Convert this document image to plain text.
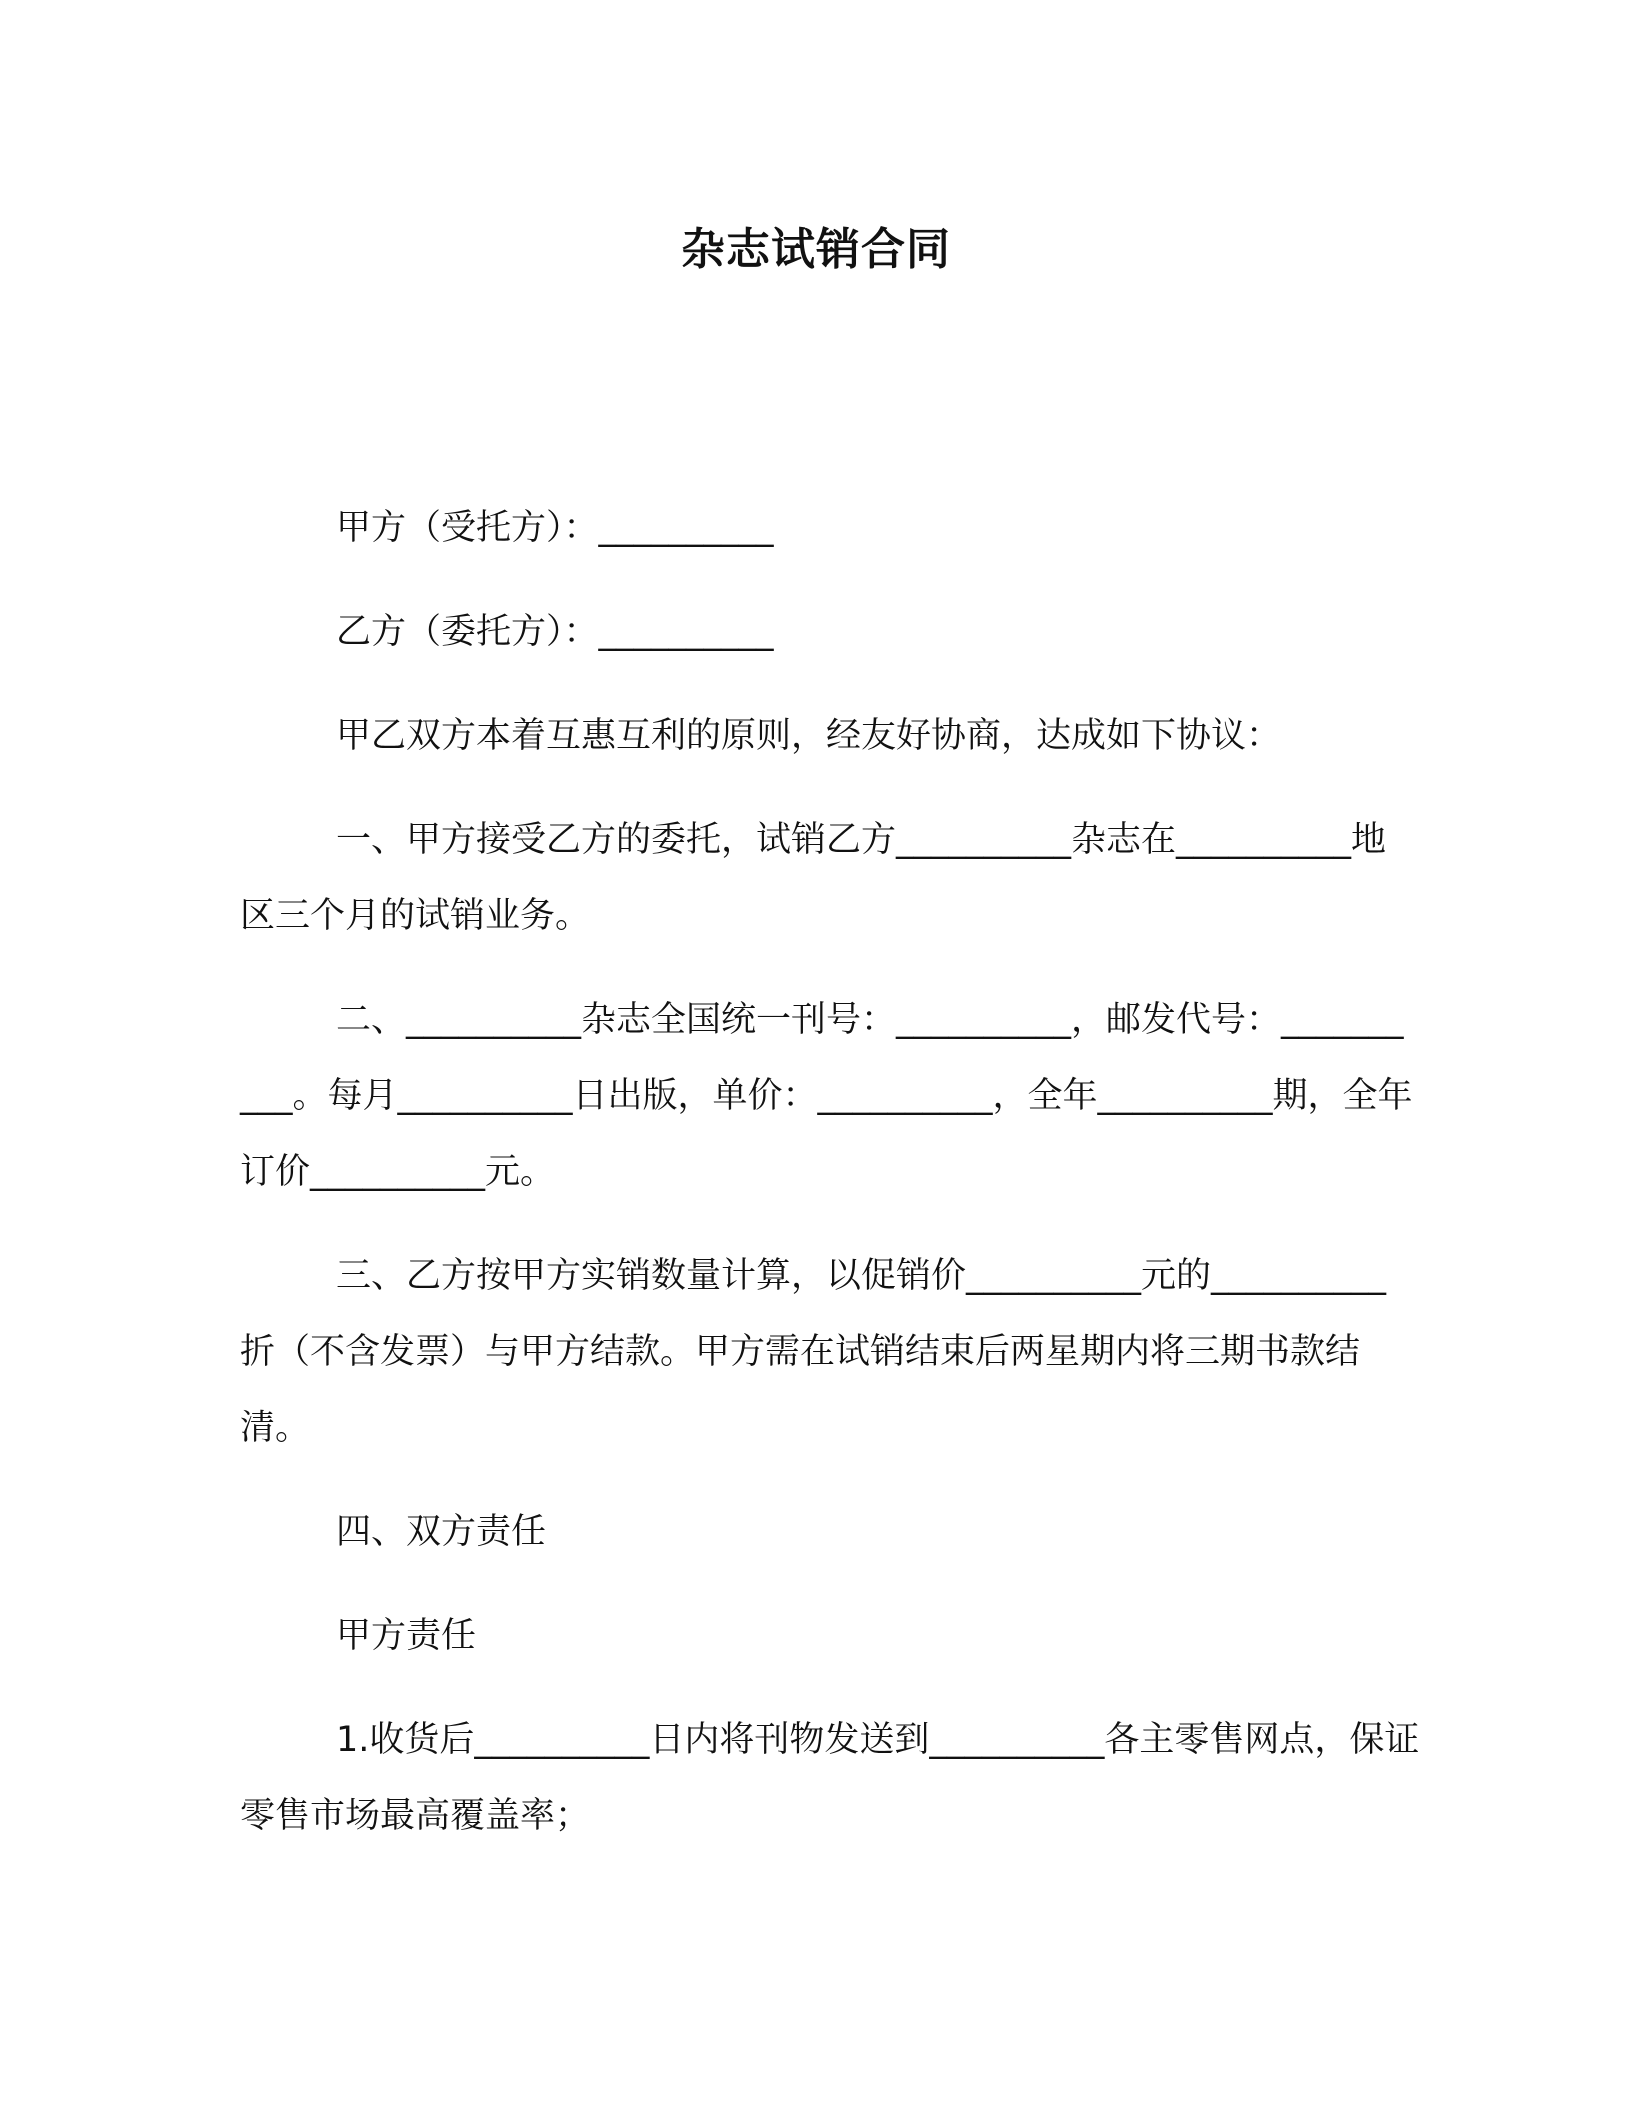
杂志试销合同

甲方（受托方）：__________

乙方（委托方）：__________

甲乙双方本着互惠互利的原则，经友好协商，达成如下协议：

一、甲方接受乙方的委托，试销乙方__________杂志在__________地区三个月的试销业务。

二、__________杂志全国统一刊号：__________，邮发代号：__________。每月__________日出版，单价：__________，全年__________期，全年订价__________元。

三、乙方按甲方实销数量计算，以促销价__________元的__________折（不含发票）与甲方结款。甲方需在试销结束后两星期内将三期书款结清。

四、双方责任

甲方责任

1.收货后__________日内将刊物发送到__________各主零售网点，保证零售市场最高覆盖率；
